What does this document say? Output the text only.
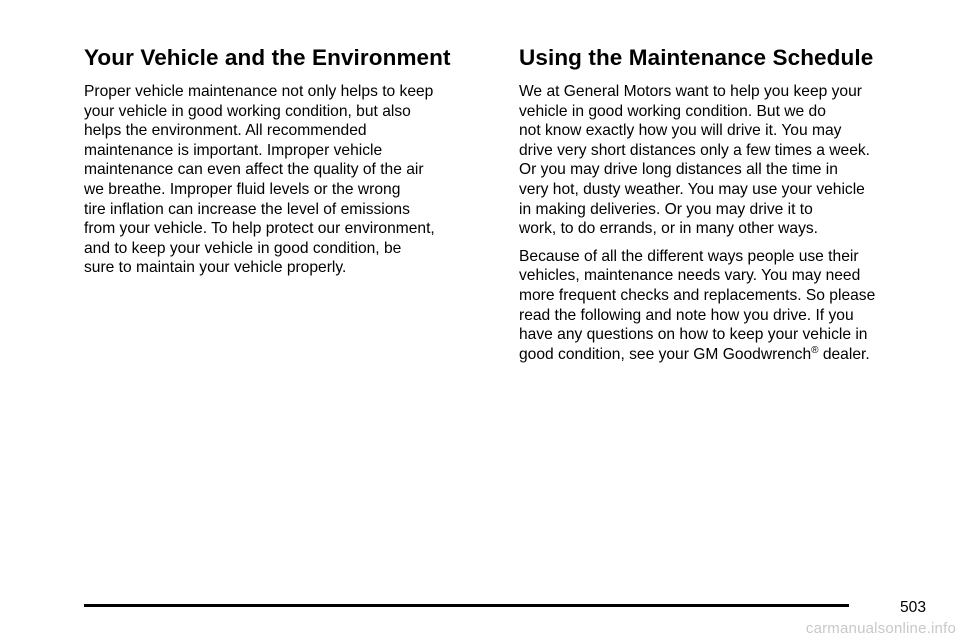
Your Vehicle and the Environment

Proper vehicle maintenance not only helps to keep
your vehicle in good working condition, but also
helps the environment. All recommended
maintenance is important. Improper vehicle
maintenance can even affect the quality of the air
we breathe. Improper fluid levels or the wrong
tire inflation can increase the level of emissions
from your vehicle. To help protect our environment,
and to keep your vehicle in good condition, be
sure to maintain your vehicle properly.

Using the Maintenance Schedule

We at General Motors want to help you keep your
vehicle in good working condition. But we do
not know exactly how you will drive it. You may
drive very short distances only a few times a week.
Or you may drive long distances all the time in
very hot, dusty weather. You may use your vehicle
in making deliveries. Or you may drive it to
work, to do errands, or in many other ways.

Because of all the different ways people use their
vehicles, maintenance needs vary. You may need
more frequent checks and replacements. So please
read the following and note how you drive. If you
have any questions on how to keep your vehicle in
good condition, see your GM Goodwrench® dealer.

503
carmanualsonline.info
